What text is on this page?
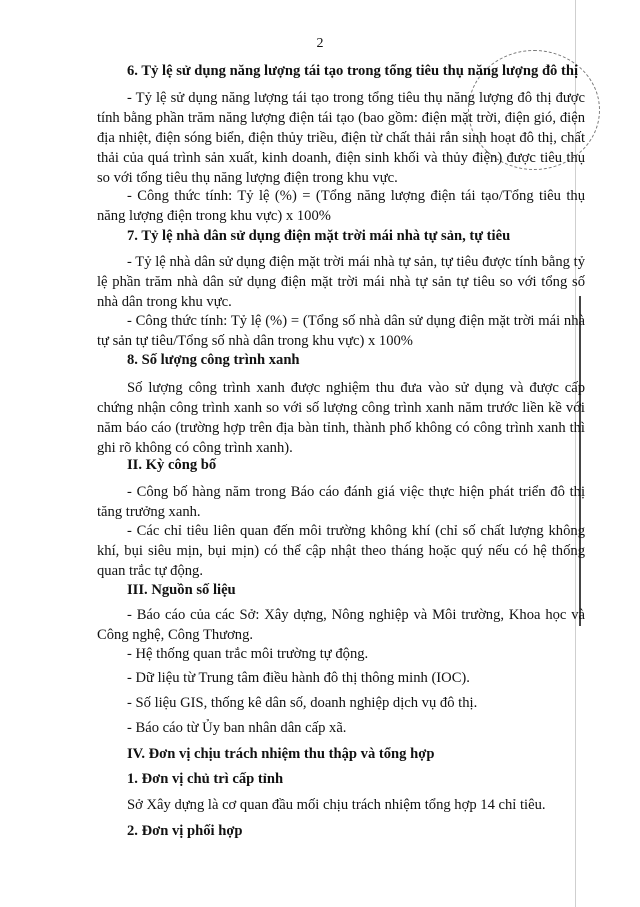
2
6. Tỷ lệ sử dụng năng lượng tái tạo trong tổng tiêu thụ năng lượng đô thị
- Tỷ lệ sử dụng năng lượng tái tạo trong tổng tiêu thụ năng lượng đô thị được tính bằng phần trăm năng lượng điện tái tạo (bao gồm: điện mặt trời, điện gió, điện địa nhiệt, điện sóng biển, điện thủy triều, điện từ chất thải rắn sinh hoạt đô thị, chất thải của quá trình sản xuất, kinh doanh, điện sinh khối và thủy điện) được tiêu thụ so với tổng tiêu thụ năng lượng điện trong khu vực.
- Công thức tính: Tỷ lệ (%) = (Tổng năng lượng điện tái tạo/Tổng tiêu thụ năng lượng điện trong khu vực) x 100%
7. Tỷ lệ nhà dân sử dụng điện mặt trời mái nhà tự sản, tự tiêu
- Tỷ lệ nhà dân sử dụng điện mặt trời mái nhà tự sản, tự tiêu được tính bằng tỷ lệ phần trăm nhà dân sử dụng điện mặt trời mái nhà tự sản tự tiêu so với tổng số nhà dân trong khu vực.
- Công thức tính: Tỷ lệ (%) = (Tổng số nhà dân sử dụng điện mặt trời mái nhà tự sản tự tiêu/Tổng số nhà dân trong khu vực) x 100%
8. Số lượng công trình xanh
Số lượng công trình xanh được nghiệm thu đưa vào sử dụng và được cấp chứng nhận công trình xanh so với số lượng công trình xanh năm trước liền kề với năm báo cáo (trường hợp trên địa bàn tỉnh, thành phố không có công trình xanh thì ghi rõ không có công trình xanh).
II. Kỳ công bố
- Công bố hàng năm trong Báo cáo đánh giá việc thực hiện phát triển đô thị tăng trưởng xanh.
- Các chỉ tiêu liên quan đến môi trường không khí (chỉ số chất lượng không khí, bụi siêu mịn, bụi mịn) có thể cập nhật theo tháng hoặc quý nếu có hệ thống quan trắc tự động.
III. Nguồn số liệu
- Báo cáo của các Sở: Xây dựng, Nông nghiệp và Môi trường, Khoa học và Công nghệ, Công Thương.
- Hệ thống quan trắc môi trường tự động.
- Dữ liệu từ Trung tâm điều hành đô thị thông minh (IOC).
- Số liệu GIS, thống kê dân số, doanh nghiệp dịch vụ đô thị.
- Báo cáo từ Ủy ban nhân dân cấp xã.
IV. Đơn vị chịu trách nhiệm thu thập và tổng hợp
1. Đơn vị chủ trì cấp tỉnh
Sở Xây dựng là cơ quan đầu mối chịu trách nhiệm tổng hợp 14 chỉ tiêu.
2. Đơn vị phối hợp
